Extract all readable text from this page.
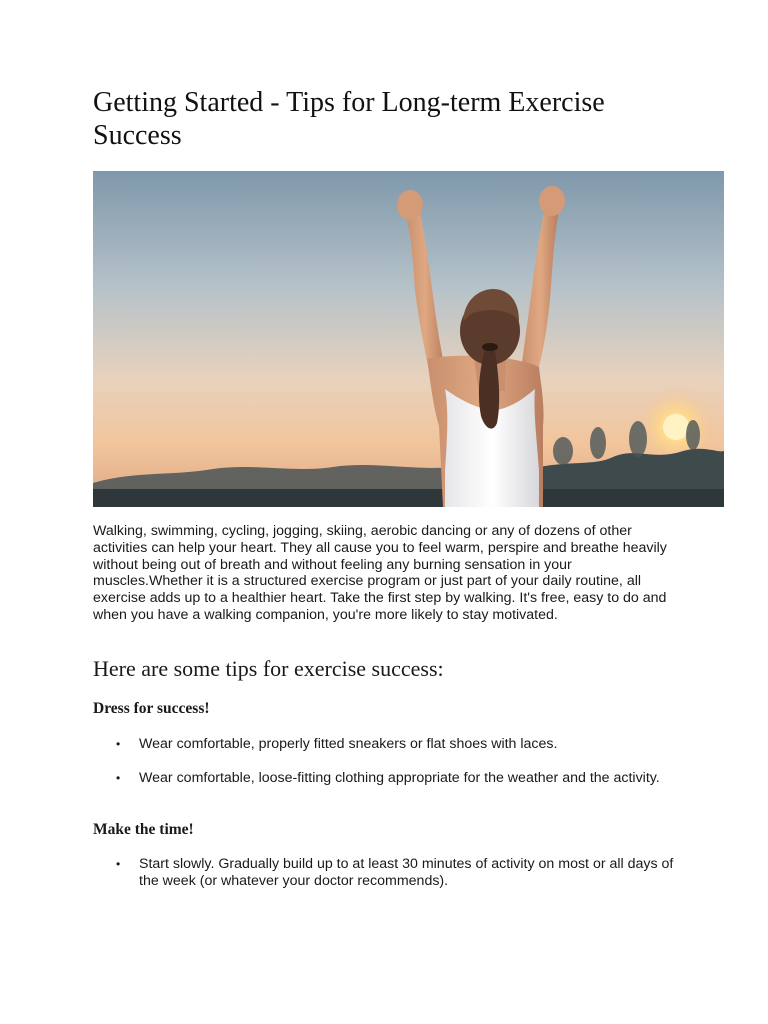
Getting Started - Tips for Long-term Exercise Success

Walking, swimming, cycling, jogging, skiing, aerobic dancing or any of dozens of other activities can help your heart. They all cause you to feel warm, perspire and breathe heavily without being out of breath and without feeling any burning sensation in your muscles.Whether it is a structured exercise program or just part of your daily routine, all exercise adds up to a healthier heart. Take the first step by walking. It's free, easy to do and when you have a walking companion, you're more likely to stay motivated.

Here are some tips for exercise success:
Dress for success!
• Wear comfortable, properly fitted sneakers or flat shoes with laces.
• Wear comfortable, loose-fitting clothing appropriate for the weather and the activity.
Make the time!
• Start slowly. Gradually build up to at least 30 minutes of activity on most or all days of the week (or whatever your doctor recommends).
